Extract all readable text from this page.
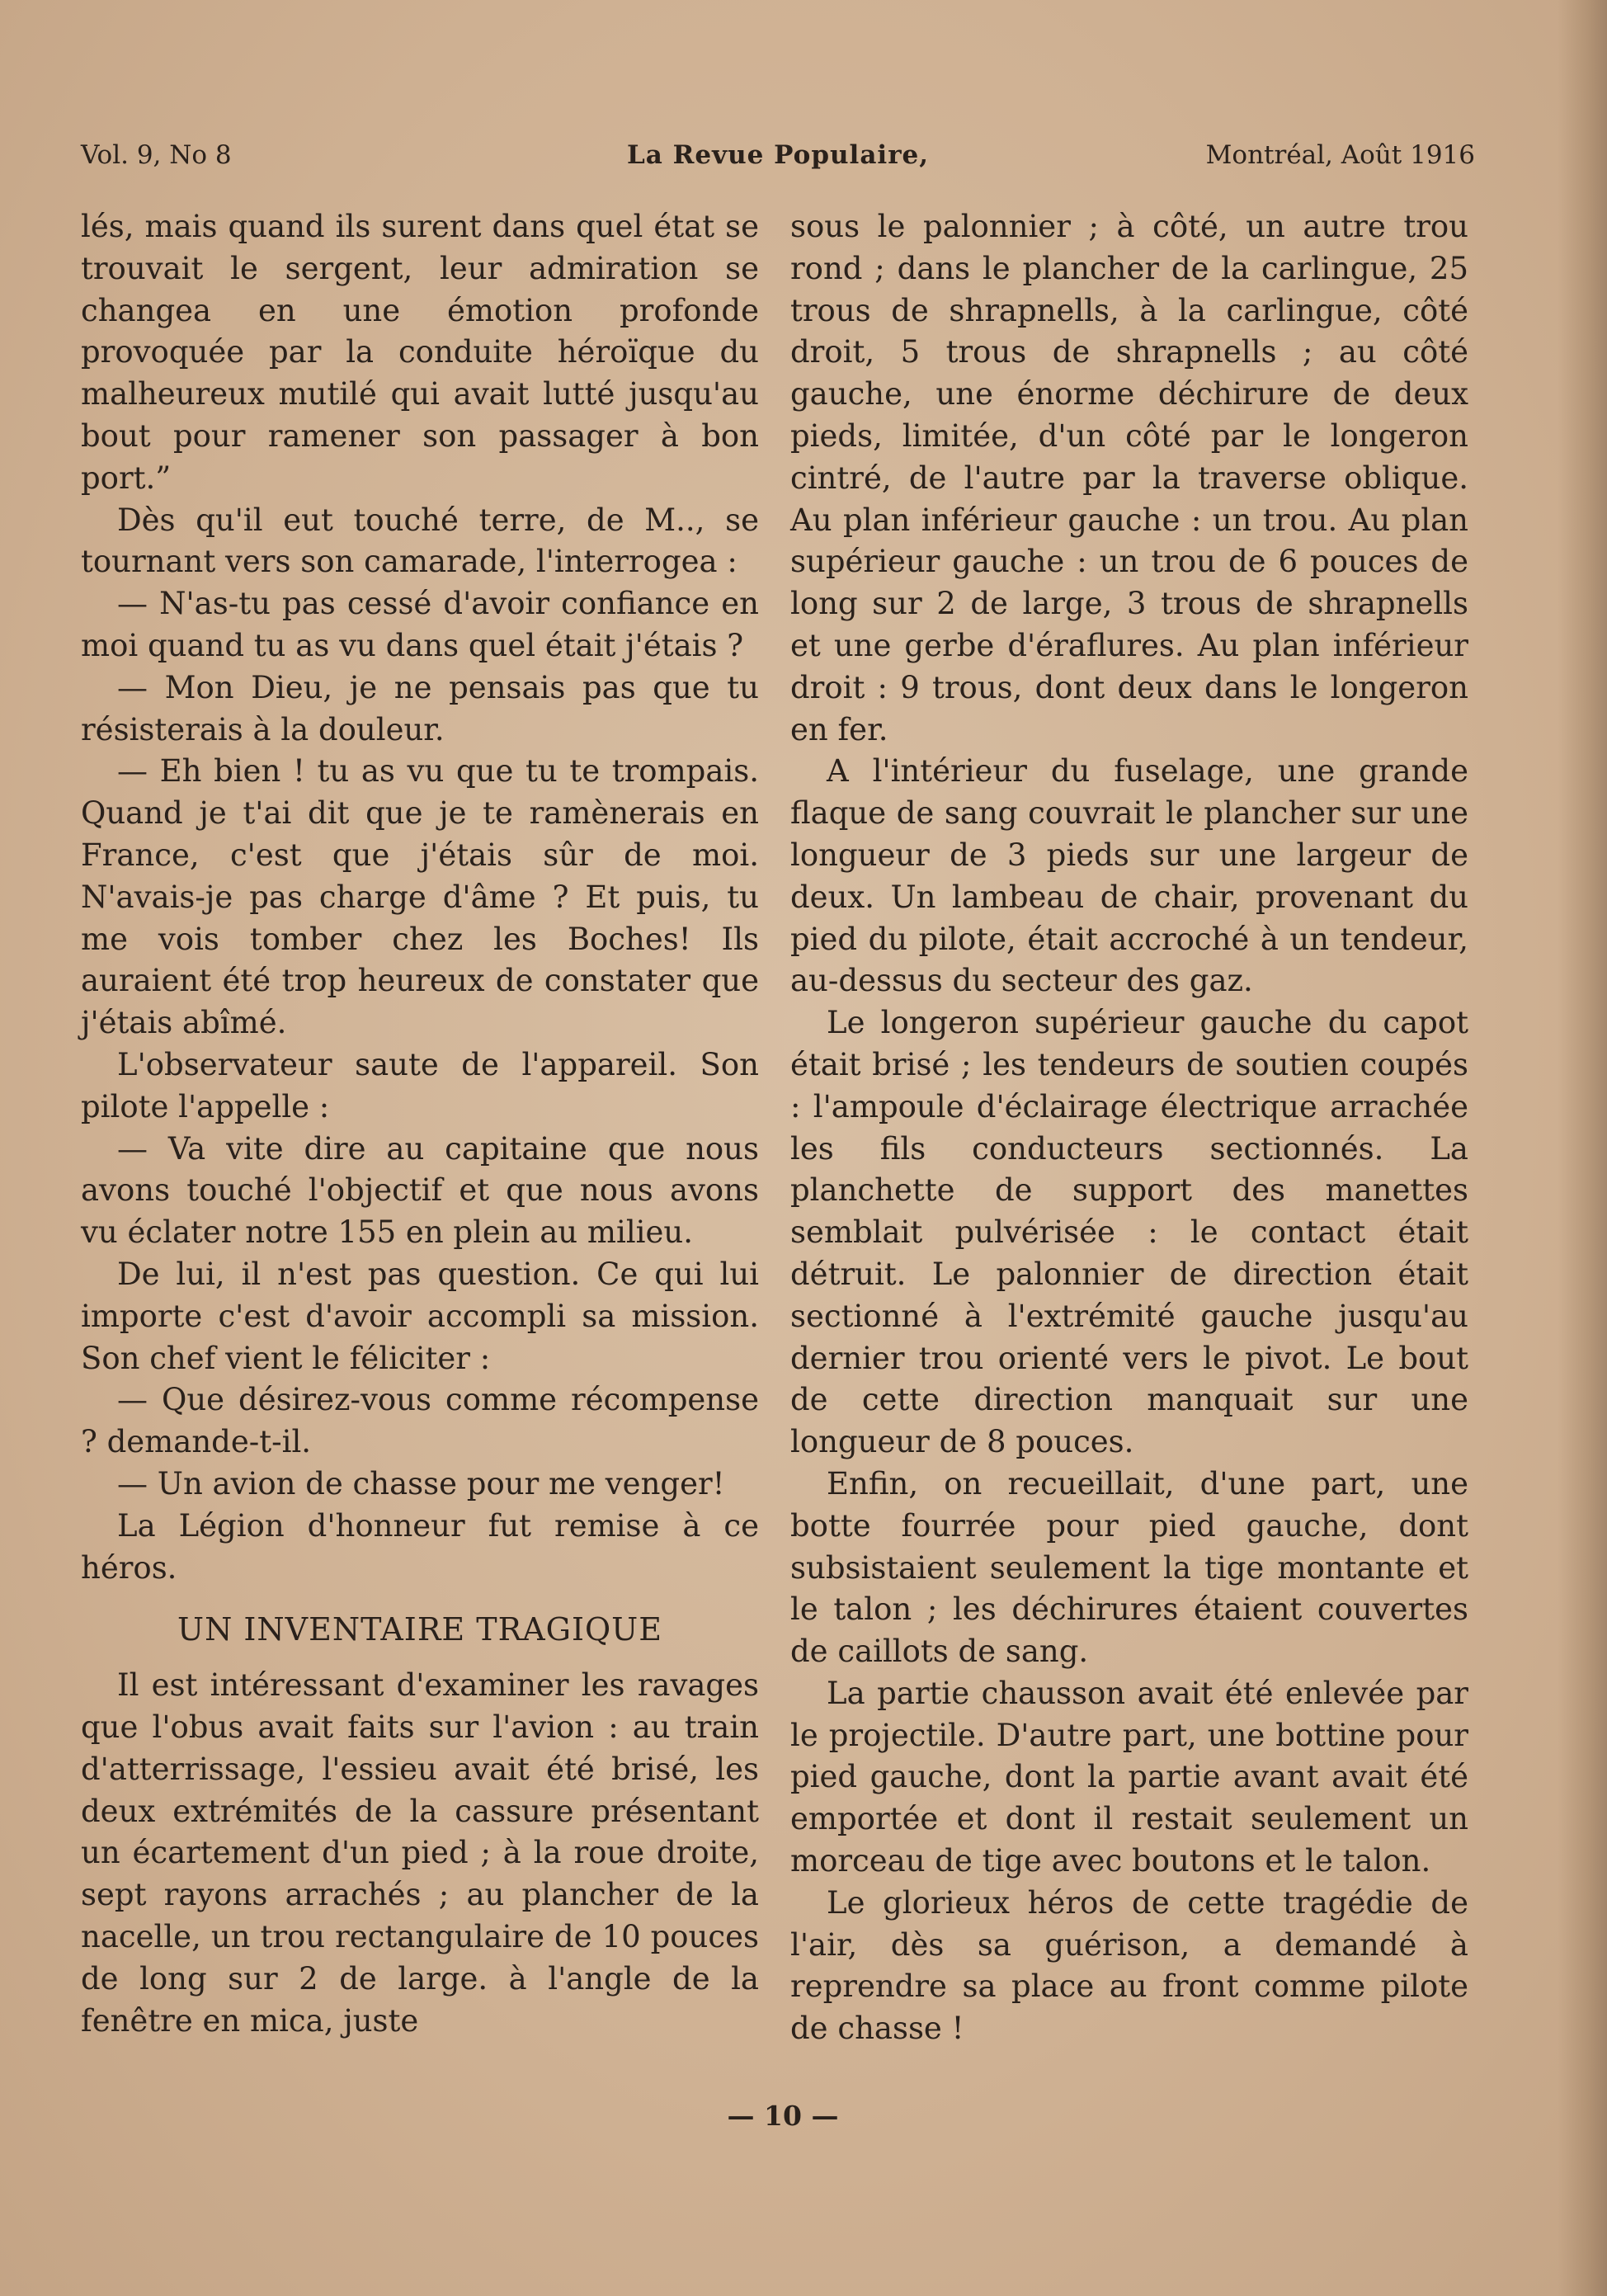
Vol. 9, No 8	La Revue Populaire,	Montréal, Août 1916

lés, mais quand ils surent dans quel état se trouvait le sergent, leur admiration se changea en une émotion profonde provoquée par la conduite héroïque du malheureux mutilé qui avait lutté jusqu'au bout pour ramener son passager à bon port.”

Dès qu'il eut touché terre, de M.., se tournant vers son camarade, l'interrogea :

— N'as-tu pas cessé d'avoir confiance en moi quand tu as vu dans quel était j'étais ?

— Mon Dieu, je ne pensais pas que tu résisterais à la douleur.

— Eh bien ! tu as vu que tu te trompais. Quand je t'ai dit que je te ramènerais en France, c'est que j'étais sûr de moi. N'avais-je pas charge d'âme ? Et puis, tu me vois tomber chez les Boches! Ils auraient été trop heureux de constater que j'étais abîmé.

L'observateur saute de l'appareil. Son pilote l'appelle :

— Va vite dire au capitaine que nous avons touché l'objectif et que nous avons vu éclater notre 155 en plein au milieu.

De lui, il n'est pas question. Ce qui lui importe c'est d'avoir accompli sa mission. Son chef vient le féliciter :

— Que désirez-vous comme récompense ? demande-t-il.

— Un avion de chasse pour me venger!

La Légion d'honneur fut remise à ce héros.

UN INVENTAIRE TRAGIQUE

Il est intéressant d'examiner les ravages que l'obus avait faits sur l'avion : au train d'atterrissage, l'essieu avait été brisé, les deux extrémités de la cassure présentant un écartement d'un pied ; à la roue droite, sept rayons arrachés ; au plancher de la nacelle, un trou rectangulaire de 10 pouces de long sur 2 de large. à l'angle de la fenêtre en mica, juste

sous le palonnier ; à côté, un autre trou rond ; dans le plancher de la carlingue, 25 trous de shrapnells, à la carlingue, côté droit, 5 trous de shrapnells ; au côté gauche, une énorme déchirure de deux pieds, limitée, d'un côté par le longeron cintré, de l'autre par la traverse oblique. Au plan inférieur gauche : un trou. Au plan supérieur gauche : un trou de 6 pouces de long sur 2 de large, 3 trous de shrapnells et une gerbe d'éraflures. Au plan inférieur droit : 9 trous, dont deux dans le longeron en fer.

A l'intérieur du fuselage, une grande flaque de sang couvrait le plancher sur une longueur de 3 pieds sur une largeur de deux. Un lambeau de chair, provenant du pied du pilote, était accroché à un tendeur, au-dessus du secteur des gaz.

Le longeron supérieur gauche du capot était brisé ; les tendeurs de soutien coupés : l'ampoule d'éclairage électrique arrachée les fils conducteurs sectionnés. La planchette de support des manettes semblait pulvérisée : le contact était détruit. Le palonnier de direction était sectionné à l'extrémité gauche jusqu'au dernier trou orienté vers le pivot. Le bout de cette direction manquait sur une longueur de 8 pouces.

Enfin, on recueillait, d'une part, une botte fourrée pour pied gauche, dont subsistaient seulement la tige montante et le talon ; les déchirures étaient couvertes de caillots de sang.

La partie chausson avait été enlevée par le projectile. D'autre part, une bottine pour pied gauche, dont la partie avant avait été emportée et dont il restait seulement un morceau de tige avec boutons et le talon.

Le glorieux héros de cette tragédie de l'air, dès sa guérison, a demandé à reprendre sa place au front comme pilote de chasse !

— 10 —
